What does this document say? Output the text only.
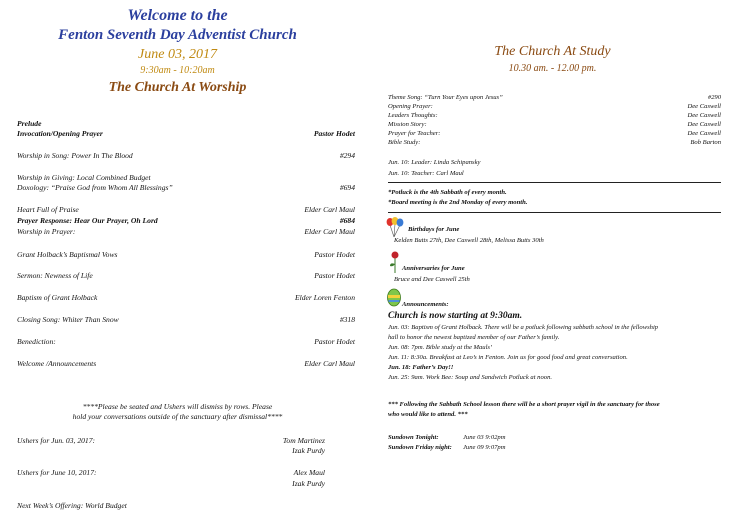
Welcome to the
Fenton Seventh Day Adventist Church
June 03, 2017
9:30am - 10:20am
The Church At Worship
Prelude
Invocation/Opening Prayer	Pastor Hodet
Worship in Song: Power In The Blood	#294
Worship in Giving: Local Combined Budget
Doxology: “Praise God from Whom All Blessings”	#694
Heart Full of Praise	Elder Carl Maul
Prayer Response: Hear Our Prayer, Oh Lord	#684
Worship in Prayer:	Elder Carl Maul
Grant Holback’s Baptismal Vows	Pastor Hodet
Sermon: Newness of Life	Pastor Hodet
Baptism of Grant Holback	Elder Loren Fenton
Closing Song: Whiter Than Snow	#318
Benediction:	Pastor Hodet
Welcome /Announcements	Elder Carl Maul
****Please be seated and Ushers will dismiss by rows. Please
hold your conversations outside of the sanctuary after dismissal****
Ushers for Jun. 03, 2017:	Tom Martinez
Izak Purdy
Ushers for June 10, 2017:	Alex Maul
Izak Purdy
Next Week’s Offering: World Budget
The Church At Study
10.30 am. - 12.00 pm.
Theme Song: “Turn Your Eyes upon Jesus”	#290
Opening Prayer:	Dee Caswell
Leaders Thoughts:	Dee Caswell
Mission Story:	Dee Caswell
Prayer for Teacher:	Dee Caswell
Bible Study:	Bob Barton
Jun. 10: Leader: Linda Schipansky
Jun. 10: Teacher: Carl Maul
*Potluck is the 4th Sabbath of every month.
*Board meeting is the 2nd Monday of every month.
Birthdays for June
Kelden Butts 27th, Dee Caswell 28th, Melissa Butts 30th
Anniversaries for June
Bruce and Dee Caswell 25th
Announcements:
Church is now starting at 9:30am.
Jun. 03: Baptism of Grant Holback. There will be a potluck following sabbath school in the fellowship
hall to honor the newest baptized member of our Father’s family.
Jun. 08: 7pm. Bible study at the Mauls’
Jun. 11: 8:30a. Breakfast at Leo’s in Fenton. Join us for good food and great conversation.
Jun. 18: Father’s Day!!
Jun. 25: 9am. Work Bee: Soup and Sandwich Potluck at noon.
*** Following the Sabbath School lesson there will be a short prayer vigil in the sanctuary for those
who would like to attend. ***
Sundown Tonight:	June 03 9:02pm
Sundown Friday night: June 09 9:07pm
